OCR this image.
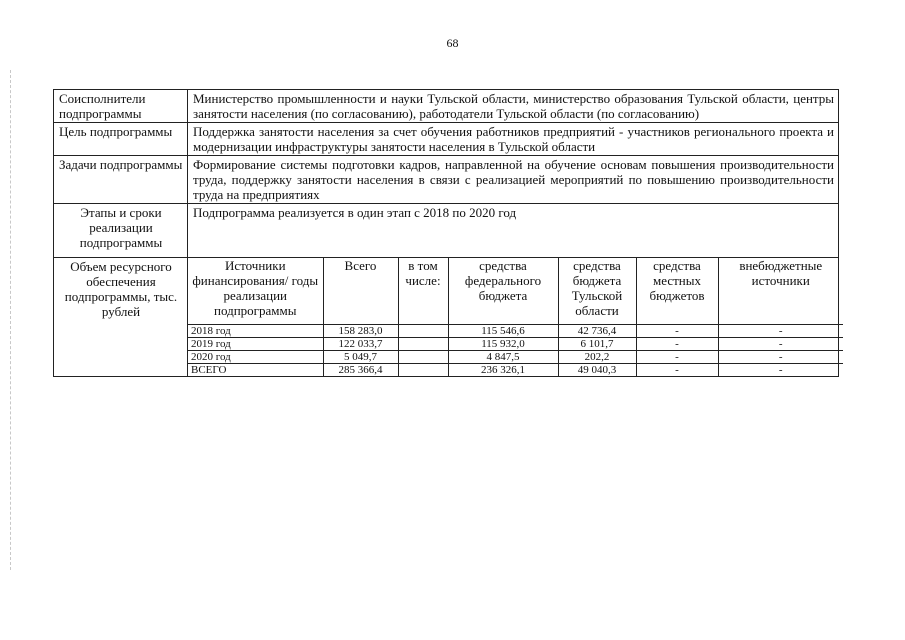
68
Соисполнители подпрограммы	Министерство промышленности и науки Тульской области, министерство образования Тульской области, центры занятости населения (по согласованию), работодатели Тульской области (по согласованию)
Цель подпрограммы	Поддержка занятости населения за счет обучения работников предприятий - участников регионального проекта и модернизации инфраструктуры занятости населения в Тульской области
Задачи подпрограммы	Формирование системы подготовки кадров, направленной на обучение основам повышения производительности труда, поддержку занятости населения в связи с реализацией мероприятий по повышению производительности труда на предприятиях
Этапы и сроки реализации подпрограммы	Подпрограмма реализуется в один этап с 2018 по 2020 год
Объем ресурсного обеспечения подпрограммы, тыс. рублей	
Источники финансирования/ годы реализации подпрограммы	Всего	в том числе:	средства федерального бюджета	средства бюджета Тульской области	средства местных бюджетов	внебюджетные источники
2018 год	158 283,0		115 546,6	42 736,4	-	-
2019 год	122 033,7		115 932,0	6 101,7	-	-
2020 год	5 049,7		4 847,5	202,2	-	-
ВСЕГО	285 366,4		236 326,1	49 040,3	-	-
